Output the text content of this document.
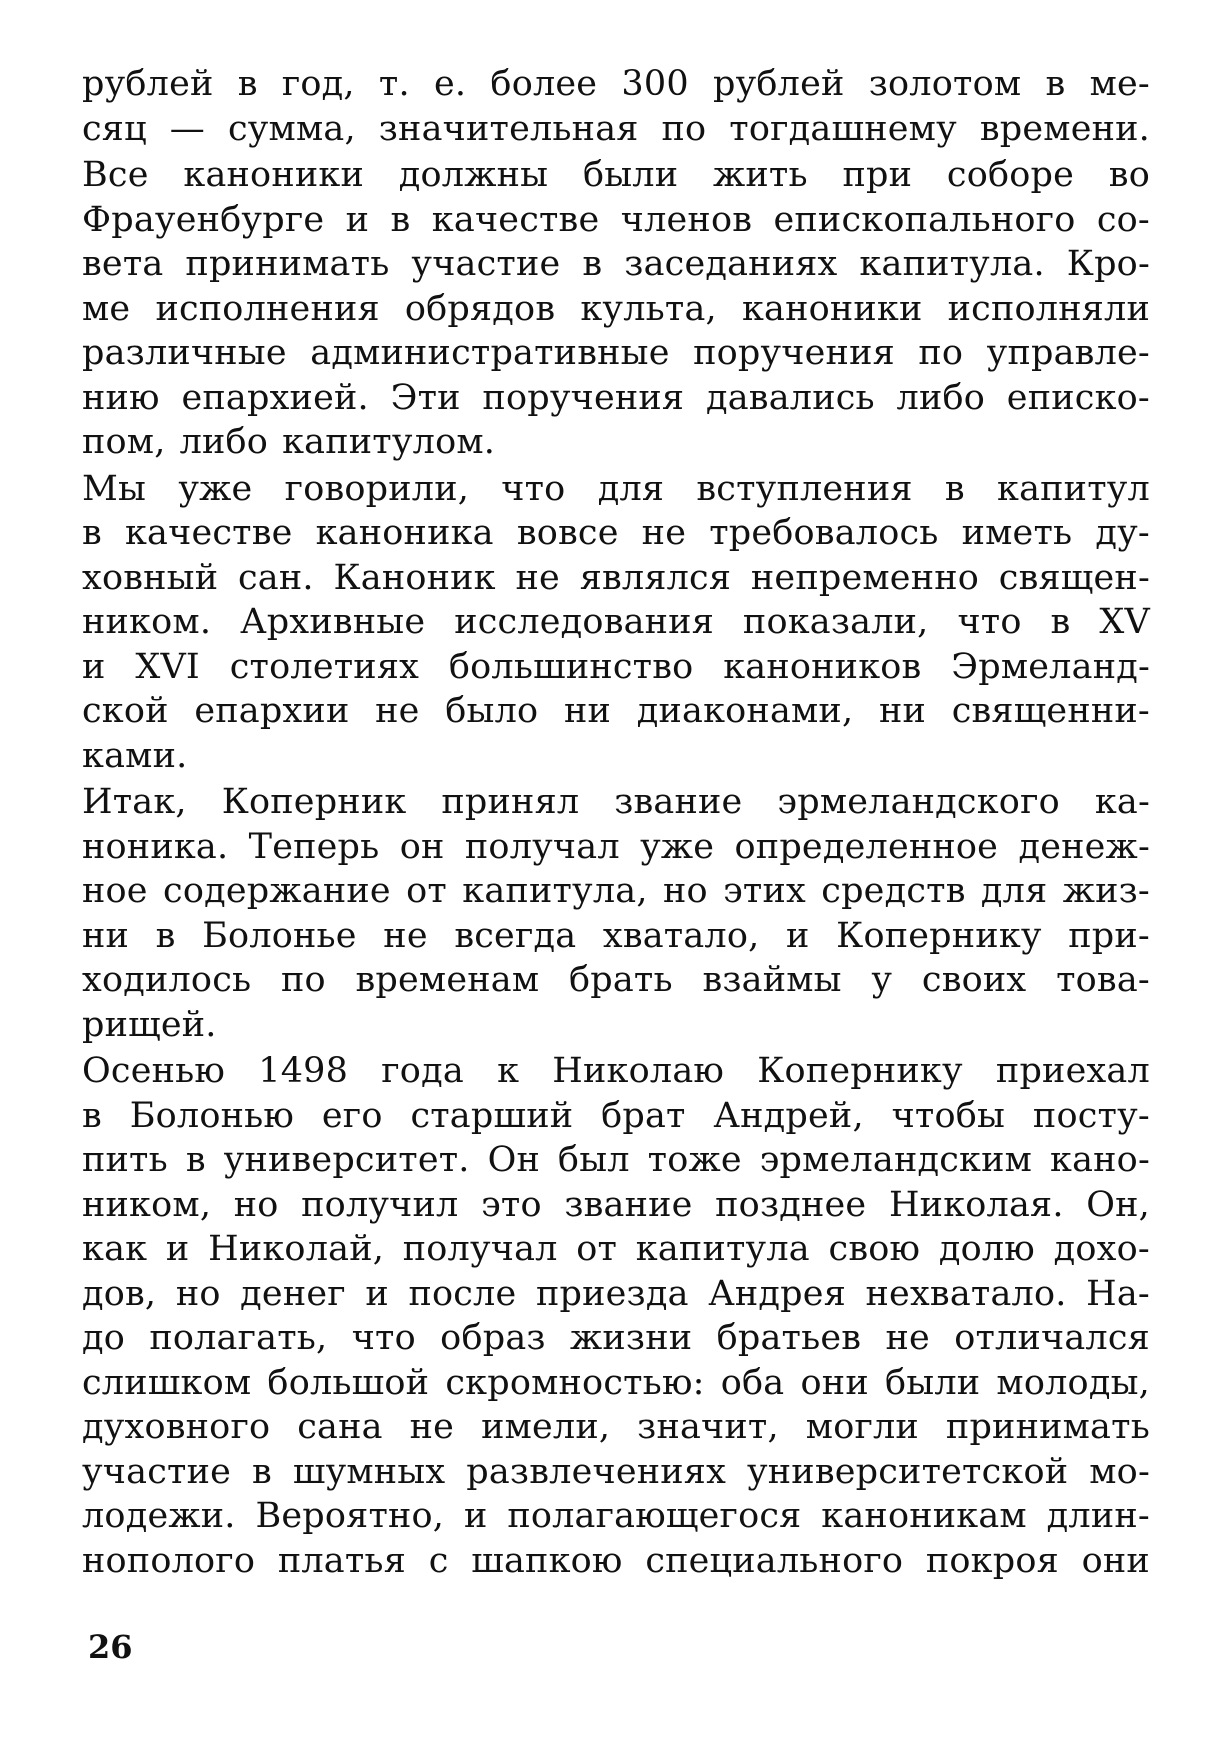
рублей в год, т. е. более 300 рублей золотом в ме-
сяц — сумма, значительная по тогдашнему времени.
Все каноники должны были жить при соборе во
Фрауенбурге и в качестве членов епископального со-
вета принимать участие в заседаниях капитула. Кро-
ме исполнения обрядов культа, каноники исполняли
различные административные поручения по управле-
нию епархией. Эти поручения давались либо еписко-
пом, либо капитулом.
Мы уже говорили, что для вступления в капитул
в качестве каноника вовсе не требовалось иметь ду-
ховный сан. Каноник не являлся непременно священ-
ником. Архивные исследования показали, что в XV
и XVI столетиях большинство каноников Эрмеланд-
ской епархии не было ни диаконами, ни священни-
ками.
Итак, Коперник принял звание эрмеландского ка-
ноника. Теперь он получал уже определенное денеж-
ное содержание от капитула, но этих средств для жиз-
ни в Болонье не всегда хватало, и Копернику при-
ходилось по временам брать взаймы у своих това-
рищей.
Осенью 1498 года к Николаю Копернику приехал
в Болонью его старший брат Андрей, чтобы посту-
пить в университет. Он был тоже эрмеландским кано-
ником, но получил это звание позднее Николая. Он,
как и Николай, получал от капитула свою долю дохо-
дов, но денег и после приезда Андрея нехватало. На-
до полагать, что образ жизни братьев не отличался
слишком большой скромностью: оба они были молоды,
духовного сана не имели, значит, могли принимать
участие в шумных развлечениях университетской мо-
лодежи. Вероятно, и полагающегося каноникам длин-
нополого платья с шапкою специального покроя они
26
